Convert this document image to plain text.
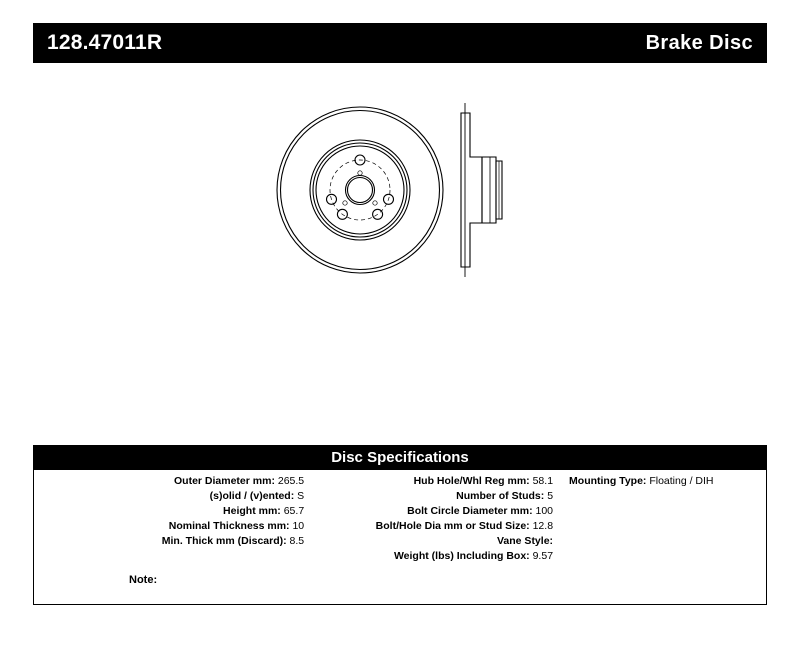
128.47011R	Brake Disc
Disc Specifications
Outer Diameter mm: 265.5
(s)olid / (v)ented: S
Height mm: 65.7
Nominal Thickness mm: 10
Min. Thick mm (Discard): 8.5
Hub Hole/Whl Reg mm: 58.1
Number of Studs: 5
Bolt Circle Diameter mm: 100
Bolt/Hole Dia mm or Stud Size: 12.8
Vane Style:
Weight (lbs) Including Box: 9.57
Mounting Type: Floating / DIH
Note:
